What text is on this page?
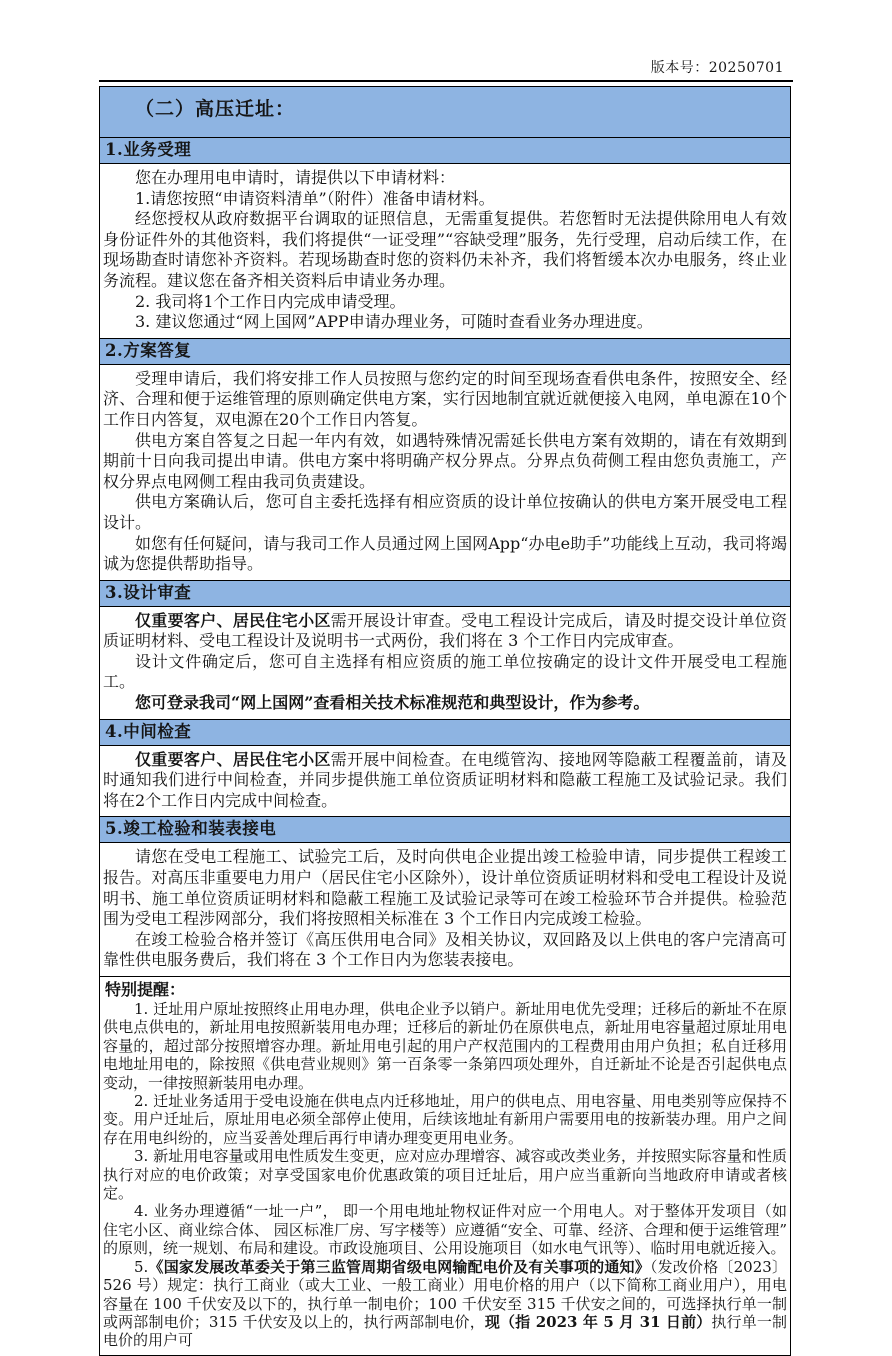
版本号：20250701
（二）高压迁址：
1.业务受理

您在办理用电申请时，请提供以下申请材料：

1.请您按照“申请资料清单”（附件）准备申请材料。

经您授权从政府数据平台调取的证照信息，无需重复提供。若您暂时无法提供除用电人有效身份证件外的其他资料，我们将提供“一证受理”“容缺受理”服务，先行受理，启动后续工作，在现场勘查时请您补齐资料。若现场勘查时您的资料仍未补齐，我们将暂缓本次办电服务，终止业务流程。建议您在备齐相关资料后申请业务办理。

2. 我司将1个工作日内完成申请受理。

3. 建议您通过“网上国网”APP申请办理业务，可随时查看业务办理进度。

2.方案答复

受理申请后，我们将安排工作人员按照与您约定的时间至现场查看供电条件，按照安全、经济、合理和便于运维管理的原则确定供电方案，实行因地制宜就近就便接入电网，单电源在10个工作日内答复，双电源在20个工作日内答复。

供电方案自答复之日起一年内有效，如遇特殊情况需延长供电方案有效期的，请在有效期到期前十日向我司提出申请。供电方案中将明确产权分界点。分界点负荷侧工程由您负责施工，产权分界点电网侧工程由我司负责建设。

供电方案确认后，您可自主委托选择有相应资质的设计单位按确认的供电方案开展受电工程设计。

如您有任何疑问，请与我司工作人员通过网上国网App“办电e助手”功能线上互动，我司将竭诚为您提供帮助指导。

3.设计审查

仅重要客户、居民住宅小区需开展设计审查。受电工程设计完成后，请及时提交设计单位资质证明材料、受电工程设计及说明书一式两份，我们将在 3 个工作日内完成审查。

设计文件确定后，您可自主选择有相应资质的施工单位按确定的设计文件开展受电工程施工。

您可登录我司“网上国网”查看相关技术标准规范和典型设计，作为参考。

4.中间检查

仅重要客户、居民住宅小区需开展中间检查。在电缆管沟、接地网等隐蔽工程覆盖前，请及时通知我们进行中间检查，并同步提供施工单位资质证明材料和隐蔽工程施工及试验记录。我们将在2个工作日内完成中间检查。

5.竣工检验和装表接电

请您在受电工程施工、试验完工后，及时向供电企业提出竣工检验申请，同步提供工程竣工报告。对高压非重要电力用户（居民住宅小区除外），设计单位资质证明材料和受电工程设计及说明书、施工单位资质证明材料和隐蔽工程施工及试验记录等可在竣工检验环节合并提供。检验范围为受电工程涉网部分，我们将按照相关标准在 3 个工作日内完成竣工检验。

在竣工检验合格并签订《高压供用电合同》及相关协议，双回路及以上供电的客户完清高可靠性供电服务费后，我们将在 3 个工作日内为您装表接电。

特别提醒：

1. 迁址用户原址按照终止用电办理，供电企业予以销户。新址用电优先受理；迁移后的新址不在原供电点供电的，新址用电按照新装用电办理；迁移后的新址仍在原供电点，新址用电容量超过原址用电容量的，超过部分按照增容办理。新址用电引起的用户产权范围内的工程费用由用户负担；私自迁移用电地址用电的，除按照《供电营业规则》第一百条零一条第四项处理外，自迁新址不论是否引起供电点变动，一律按照新装用电办理。

2. 迁址业务适用于受电设施在供电点内迁移地址，用户的供电点、用电容量、用电类别等应保持不变。用户迁址后，原址用电必须全部停止使用，后续该地址有新用户需要用电的按新装办理。用户之间存在用电纠纷的，应当妥善处理后再行申请办理变更用电业务。

3. 新址用电容量或用电性质发生变更，应对应办理增容、减容或改类业务，并按照实际容量和性质执行对应的电价政策；对享受国家电价优惠政策的项目迁址后，用户应当重新向当地政府申请或者核定。

4. 业务办理遵循“一址一户”， 即一个用电地址物权证件对应一个用电人。对于整体开发项目（如住宅小区、商业综合体、 园区标准厂房、写字楼等）应遵循“安全、可靠、经济、合理和便于运维管理”的原则，统一规划、布局和建设。市政设施项目、公用设施项目（如水电气讯等）、临时用电就近接入。

5.《国家发展改革委关于第三监管周期省级电网输配电价及有关事项的通知》（发改价格〔2023〕526 号）规定：执行工商业（或大工业、一般工商业）用电价格的用户（以下简称工商业用户），用电容量在 100 千伏安及以下的，执行单一制电价；100 千伏安至 315 千伏安之间的，可选择执行单一制或两部制电价；315 千伏安及以上的，执行两部制电价，现（指 2023 年 5 月 31 日前）执行单一制电价的用户可
